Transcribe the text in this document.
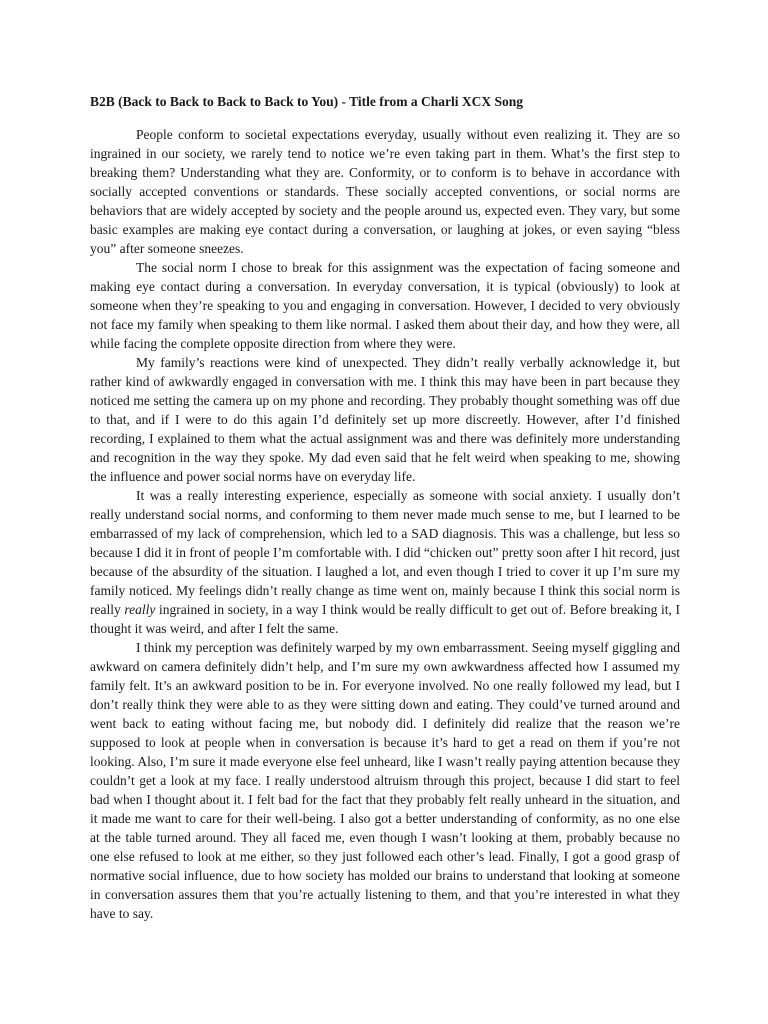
B2B (Back to Back to Back to Back to You) - Title from a Charli XCX Song

People conform to societal expectations everyday, usually without even realizing it. They are so ingrained in our society, we rarely tend to notice we’re even taking part in them. What’s the first step to breaking them? Understanding what they are. Conformity, or to conform is to behave in accordance with socially accepted conventions or standards. These socially accepted conventions, or social norms are behaviors that are widely accepted by society and the people around us, expected even. They vary, but some basic examples are making eye contact during a conversation, or laughing at jokes, or even saying “bless you” after someone sneezes.

The social norm I chose to break for this assignment was the expectation of facing someone and making eye contact during a conversation. In everyday conversation, it is typical (obviously) to look at someone when they’re speaking to you and engaging in conversation. However, I decided to very obviously not face my family when speaking to them like normal. I asked them about their day, and how they were, all while facing the complete opposite direction from where they were.

My family’s reactions were kind of unexpected. They didn’t really verbally acknowledge it, but rather kind of awkwardly engaged in conversation with me. I think this may have been in part because they noticed me setting the camera up on my phone and recording. They probably thought something was off due to that, and if I were to do this again I’d definitely set up more discreetly. However, after I’d finished recording, I explained to them what the actual assignment was and there was definitely more understanding and recognition in the way they spoke. My dad even said that he felt weird when speaking to me, showing the influence and power social norms have on everyday life.

It was a really interesting experience, especially as someone with social anxiety. I usually don’t really understand social norms, and conforming to them never made much sense to me, but I learned to be embarrassed of my lack of comprehension, which led to a SAD diagnosis. This was a challenge, but less so because I did it in front of people I’m comfortable with. I did “chicken out” pretty soon after I hit record, just because of the absurdity of the situation. I laughed a lot, and even though I tried to cover it up I’m sure my family noticed. My feelings didn’t really change as time went on, mainly because I think this social norm is really really ingrained in society, in a way I think would be really difficult to get out of. Before breaking it, I thought it was weird, and after I felt the same.

I think my perception was definitely warped by my own embarrassment. Seeing myself giggling and awkward on camera definitely didn’t help, and I’m sure my own awkwardness affected how I assumed my family felt. It’s an awkward position to be in. For everyone involved. No one really followed my lead, but I don’t really think they were able to as they were sitting down and eating. They could’ve turned around and went back to eating without facing me, but nobody did. I definitely did realize that the reason we’re supposed to look at people when in conversation is because it’s hard to get a read on them if you’re not looking. Also, I’m sure it made everyone else feel unheard, like I wasn’t really paying attention because they couldn’t get a look at my face. I really understood altruism through this project, because I did start to feel bad when I thought about it. I felt bad for the fact that they probably felt really unheard in the situation, and it made me want to care for their well-being. I also got a better understanding of conformity, as no one else at the table turned around. They all faced me, even though I wasn’t looking at them, probably because no one else refused to look at me either, so they just followed each other’s lead. Finally, I got a good grasp of normative social influence, due to how society has molded our brains to understand that looking at someone in conversation assures them that you’re actually listening to them, and that you’re interested in what they have to say.
